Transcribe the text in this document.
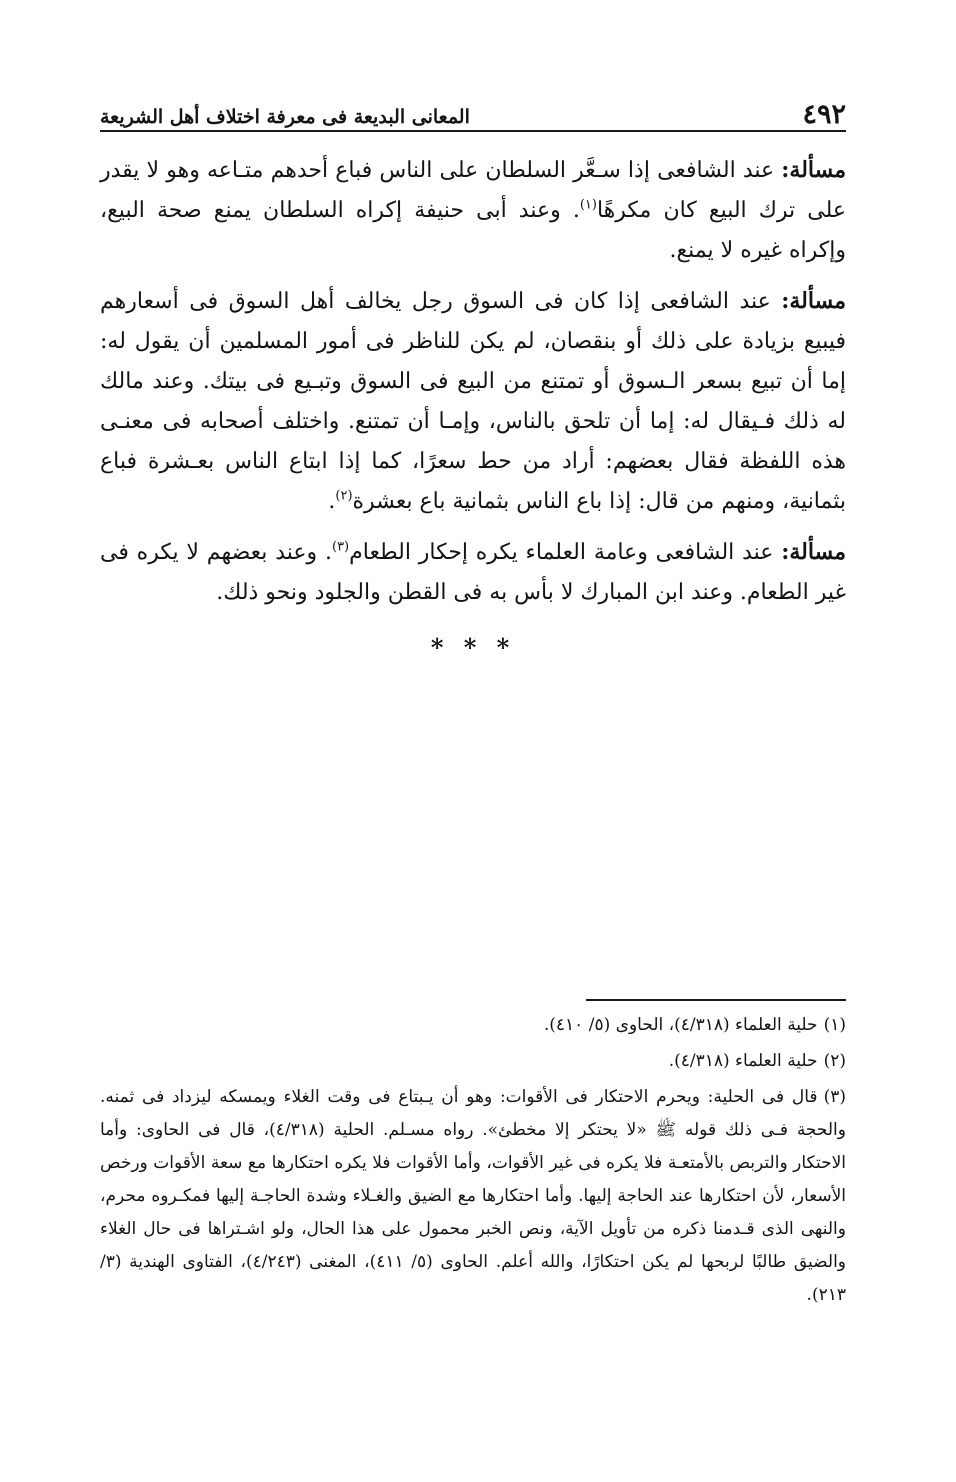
٤٩٢
المعانى البديعة فى معرفة اختلاف أهل الشريعة

مسألة: عند الشافعى إذا سـعَّر السلطان على الناس فباع أحدهم متـاعه وهو لا يقدر على ترك البيع كان مكرهًا$^{(١)}$. وعند أبى حنيفة إكراه السلطان يمنع صحة البيع، وإكراه غيره لا يمنع.

مسألة: عند الشافعى إذا كان فى السوق رجل يخالف أهل السوق فى أسعارهم فيبيع بزيادة على ذلك أو بنقصان، لم يكن للناظر فى أمور المسلمين أن يقول له: إما أن تبيع بسعر الـسوق أو تمتنع من البيع فى السوق وتبـيع فى بيتك. وعند مالك له ذلك فـيقال له: إما أن تلحق بالناس، وإمـا أن تمتنع. واختلف أصحابه فى معنـى هذه اللفظة فقال بعضهم: أراد من حط سعرًا، كما إذا ابتاع الناس بعـشرة فباع بثمانية، ومنهم من قال: إذا باع الناس بثمانية باع بعشرة$^{(٢)}$.

مسألة: عند الشافعى وعامة العلماء يكره إحكار الطعام$^{(٣)}$. وعند بعضهم لا يكره فى غير الطعام. وعند ابن المبارك لا بأس به فى القطن والجلود ونحو ذلك.

* * *

(١)حلية العلماء (٤/٣١٨)، الحاوى (٥/ ٤١٠).

(٢)حلية العلماء (٤/٣١٨).

(٣)قال فى الحلية: ويحرم الاحتكار فى الأقوات: وهو أن يـبتاع فى وقت الغلاء ويمسكه ليزداد فى ثمنه. والحجة فـى ذلك قوله ﷺ «لا يحتكر إلا مخطئ». رواه مسـلم. الحلية (٤/٣١٨)، قال فى الحاوى: وأما الاحتكار والتربص بالأمتعـة فلا يكره فى غير الأقوات، وأما الأقوات فلا يكره احتكارها مع سعة الأقوات ورخص الأسعار، لأن احتكارها عند الحاجة إليها. وأما احتكارها مع الضيق والغـلاء وشدة الحاجـة إليها فمكـروه محرم، والنهى الذى قـدمنا ذكره من تأويل الآية، ونص الخبر محمول على هذا الحال، ولو اشـتراها فى حال الغلاء والضيق طالبًا لربحها لم يكن احتكارًا، والله أعلم. الحاوى (٥/ ٤١١)، المغنى (٤/٢٤٣)، الفتاوى الهندية (٣/ ٢١٣).
